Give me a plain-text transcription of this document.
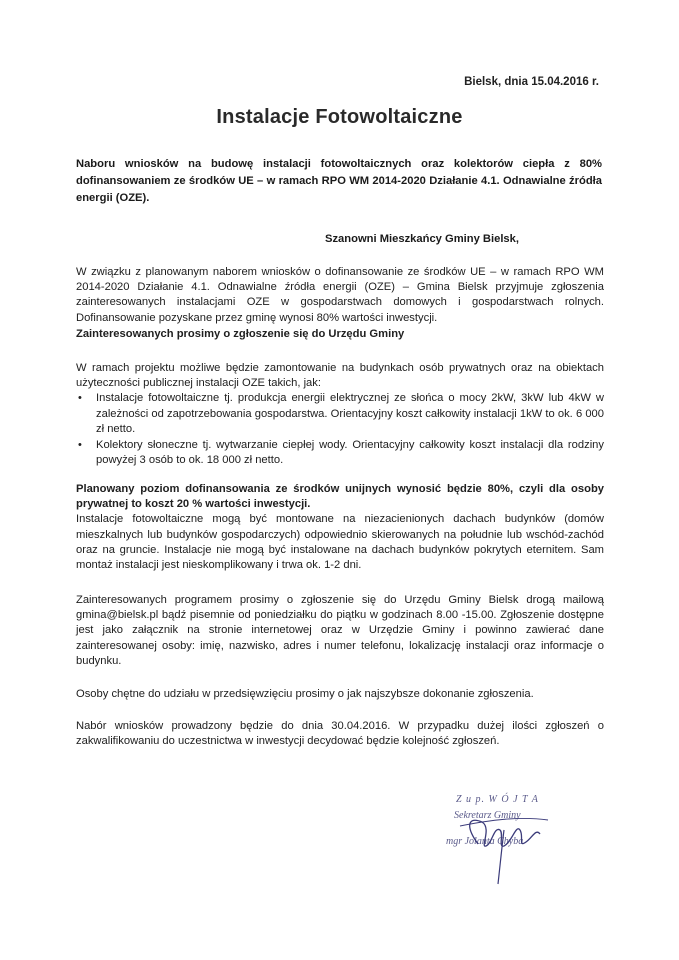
Bielsk, dnia 15.04.2016 r.
Instalacje Fotowoltaiczne
Naboru wniosków na budowę instalacji fotowoltaicznych oraz kolektorów ciepła z 80% dofinansowaniem ze środków UE – w ramach RPO WM 2014-2020 Działanie 4.1. Odnawialne źródła energii (OZE).
Szanowni Mieszkańcy Gminy Bielsk,
W związku z planowanym naborem wniosków o dofinansowanie ze środków UE – w ramach RPO WM 2014-2020 Działanie 4.1. Odnawialne źródła energii (OZE) – Gmina Bielsk przyjmuje zgłoszenia zainteresowanych instalacjami OZE w gospodarstwach domowych i gospodarstwach rolnych. Dofinansowanie pozyskane przez gminę wynosi 80% wartości inwestycji.
Zainteresowanych prosimy o zgłoszenie się do Urzędu Gminy
W ramach projektu możliwe będzie zamontowanie na budynkach osób prywatnych oraz na obiektach użyteczności publicznej instalacji OZE takich, jak:
• Instalacje fotowoltaiczne tj. produkcja energii elektrycznej ze słońca o mocy 2kW, 3kW lub 4kW w zależności od zapotrzebowania gospodarstwa. Orientacyjny koszt całkowity instalacji 1kW to ok. 6 000 zł netto.
• Kolektory słoneczne tj. wytwarzanie ciepłej wody. Orientacyjny całkowity koszt instalacji dla rodziny powyżej 3 osób to ok. 18 000 zł netto.
Planowany poziom dofinansowania ze środków unijnych wynosić będzie 80%, czyli dla osoby prywatnej to koszt 20 % wartości inwestycji.
Instalacje fotowoltaiczne mogą być montowane na niezacienionych dachach budynków (domów mieszkalnych lub budynków gospodarczych) odpowiednio skierowanych na południe lub wschód-zachód oraz na gruncie. Instalacje nie mogą być instalowane na dachach budynków pokrytych eternitem. Sam montaż instalacji jest nieskomplikowany i trwa ok. 1-2 dni.
Zainteresowanych programem prosimy o zgłoszenie się do Urzędu Gminy Bielsk drogą mailową gmina@bielsk.pl bądź pisemnie od poniedziałku do piątku w godzinach 8.00 -15.00. Zgłoszenie dostępne jest jako załącznik na stronie internetowej oraz w Urzędzie Gminy i powinno zawierać dane zainteresowanej osoby: imię, nazwisko, adres i numer telefonu, lokalizację instalacji oraz informacje o budynku.
Osoby chętne do udziału w przedsięwzięciu prosimy o jak najszybsze dokonanie zgłoszenia.
Nabór wniosków prowadzony będzie do dnia 30.04.2016. W przypadku dużej ilości zgłoszeń o zakwalifikowaniu do uczestnictwa w inwestycji decydować będzie kolejność zgłoszeń.
Z u p. W Ó J T A
Sekretarz Gminy
mgr Jolanta Chyba
